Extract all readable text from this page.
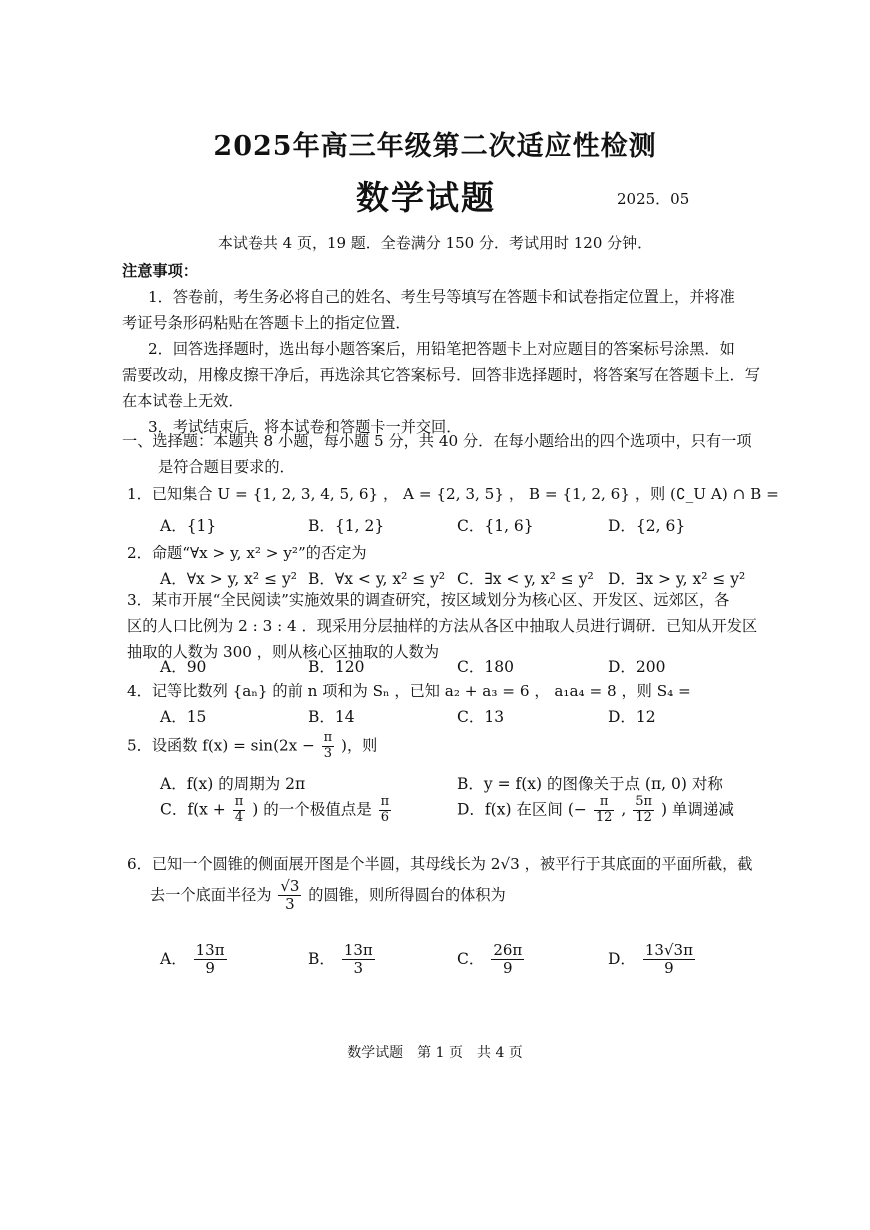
2025年高三年级第二次适应性检测
数学试题	2025．05
本试卷共 4 页，19 题．全卷满分 150 分．考试用时 120 分钟．
注意事项：
1．答卷前，考生务必将自己的姓名、考生号等填写在答题卡和试卷指定位置上，并将准
考证号条形码粘贴在答题卡上的指定位置．
2．回答选择题时，选出每小题答案后，用铅笔把答题卡上对应题目的答案标号涂黑．如
需要改动，用橡皮擦干净后，再选涂其它答案标号．回答非选择题时，将答案写在答题卡上．写
在本试卷上无效．
3．考试结束后，将本试卷和答题卡一并交回．
一、选择题：本题共 8 小题，每小题 5 分，共 40 分．在每小题给出的四个选项中，只有一项
是符合题目要求的．
1．已知集合 U = {1, 2, 3, 4, 5, 6} ， A = {2, 3, 5} ， B = {1, 2, 6} ，则 (∁_U A) ∩ B =
A．{1}	B．{1, 2}	C．{1, 6}	D．{2, 6}
2．命题“∀x > y, x² > y²”的否定为
A．∀x > y, x² ≤ y² B．∀x < y, x² ≤ y² C．∃x < y, x² ≤ y² D．∃x > y, x² ≤ y²
3．某市开展“全民阅读”实施效果的调查研究，按区域划分为核心区、开发区、远郊区，各
区的人口比例为 2 : 3 : 4 ．现采用分层抽样的方法从各区中抽取人员进行调研．已知从开发区
抽取的人数为 300 ，则从核心区抽取的人数为
A．90	B．120	C．180	D．200
4．记等比数列 {aₙ} 的前 n 项和为 Sₙ ，已知 a₂ + a₃ = 6 ， a₁a₄ = 8 ，则 S₄ =
A．15	B．14	C．13	D．12
5．设函数 $f(x) = \sin(2x - \frac{\pi}{3}$ )，则
A．f(x) 的周期为 2π	B．y = f(x) 的图像关于点 (π, 0) 对称
C．$f(x + \frac{\pi}{4}$ ) 的一个极值点是 $\frac{\pi}{6}$	D．f(x) 在区间 (− $\frac{\pi}{12}$ , $\frac{5\pi}{12}$ ) 单调递减
6．已知一个圆锥的侧面展开图是个半圆，其母线长为 2√3 ，被平行于其底面的平面所截，截
去一个底面半径为 $\frac{√3}{3}$ 的圆锥，则所得圆台的体积为
A． $\frac{13\pi}{9}$	B． $\frac{13\pi}{3}$	C． $\frac{26\pi}{9}$	D． $\frac{13√3\pi}{9}$
数学试题　第 1 页　共 4 页
